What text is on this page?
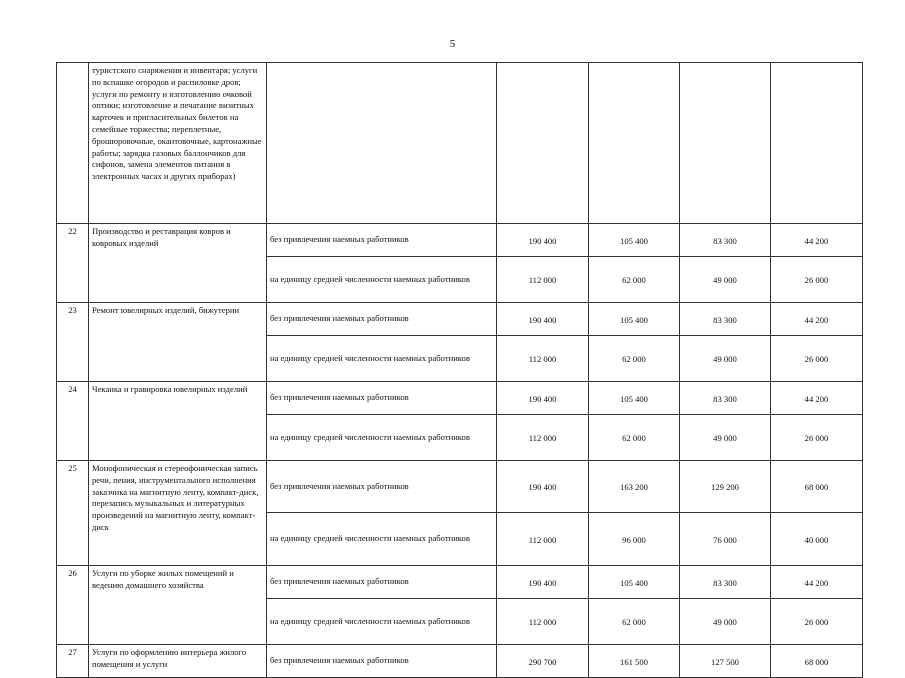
5
	туристского снаряжения и инвентаря; услуги по вспашке огородов и распиловке дров; услуги по ремонту и изготовлению очковой оптики; изготовление и печатание визитных карточек и пригласительных билетов на семейные торжества; переплетные, брошюровочные, окантовочные, картонажные работы; зарядка газовых баллончиков для сифонов, замена элементов питания в электронных часах и других приборах)					
22	Производство и реставрация ковров и ковровых изделий	без привлечения наемных работников	190 400	105 400	83 300	44 200
		на единицу средней численности наемных работников	112 000	62 000	49 000	26 000
23	Ремонт ювелирных изделий, бижутерии	без привлечения наемных работников	190 400	105 400	83 300	44 200
		на единицу средней численности наемных работников	112 000	62 000	49 000	26 000
24	Чеканка и гравировка ювелирных изделий	без привлечения наемных работников	190 400	105 400	83 300	44 200
		на единицу средней численности наемных работников	112 000	62 000	49 000	26 000
25	Монофоническая и стереофоническая запись речи, пения, инструментального исполнения заказчика на магнитную ленту, компакт-диск, перезапись музыкальных и литературных произведений на магнитную ленту, компакт-диск	без привлечения наемных работников	190 400	163 200	129 200	68 000
		на единицу средней численности наемных работников	112 000	96 000	76 000	40 000
26	Услуги по уборке жилых помещений и ведению домашнего хозяйства	без привлечения наемных работников	190 400	105 400	83 300	44 200
		на единицу средней численности наемных работников	112 000	62 000	49 000	26 000
27	Услуги по оформлению интерьера жилого помещения и услуги	без привлечения наемных работников	290 700	161 500	127 500	68 000
